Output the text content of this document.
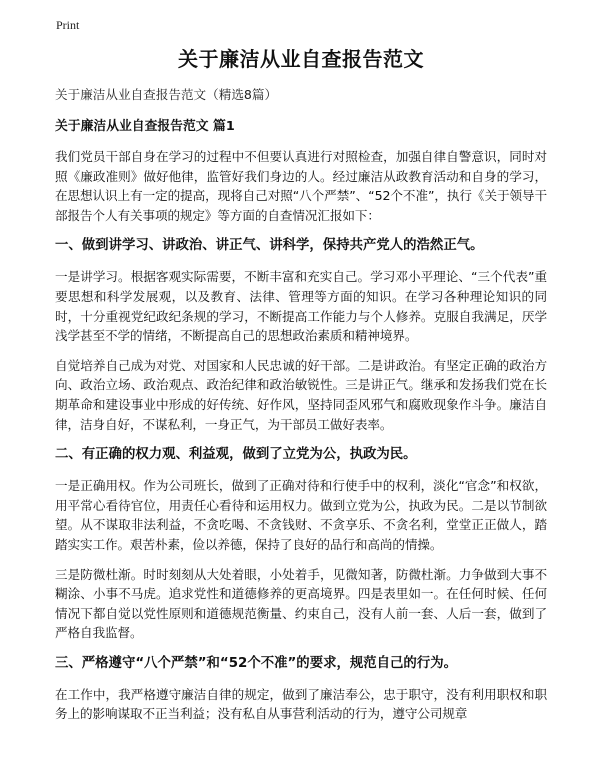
Print
关于廉洁从业自查报告范文

关于廉洁从业自查报告范文（精选8篇）

关于廉洁从业自查报告范文 篇1

我们党员干部自身在学习的过程中不但要认真进行对照检查，加强自律自警意识，同时对照《廉政准则》做好他律，监管好我们身边的人。经过廉洁从政教育活动和自身的学习，在思想认识上有一定的提高，现将自己对照“八个严禁”、“52个不准”，执行《关于领导干部报告个人有关事项的规定》等方面的自查情况汇报如下：

一、做到讲学习、讲政治、讲正气、讲科学，保持共产党人的浩然正气。

一是讲学习。根据客观实际需要，不断丰富和充实自己。学习邓小平理论、“三个代表”重要思想和科学发展观，以及教育、法律、管理等方面的知识。在学习各种理论知识的同时，十分重视党纪政纪条规的学习，不断提高工作能力与个人修养。克服自我满足，厌学浅学甚至不学的情绪，不断提高自己的思想政治素质和精神境界。

自觉培养自己成为对党、对国家和人民忠诚的好干部。二是讲政治。有坚定正确的政治方向、政治立场、政治观点、政治纪律和政治敏锐性。三是讲正气。继承和发扬我们党在长期革命和建设事业中形成的好传统、好作风，坚持同歪风邪气和腐败现象作斗争。廉洁自律，洁身自好，不谋私利，一身正气，为干部员工做好表率。

二、有正确的权力观、利益观，做到了立党为公，执政为民。

一是正确用权。作为公司班长，做到了正确对待和行使手中的权利，淡化“官念”和权欲，用平常心看待官位，用责任心看待和运用权力。做到立党为公，执政为民。二是以节制欲望。从不谋取非法利益，不贪吃喝、不贪钱财、不贪享乐、不贪名利，堂堂正正做人，踏踏实实工作。艰苦朴素，俭以养德，保持了良好的品行和高尚的情操。

三是防微杜渐。时时刻刻从大处着眼，小处着手，见微知著，防微杜渐。力争做到大事不糊涂、小事不马虎。追求党性和道德修养的更高境界。四是表里如一。在任何时候、任何情况下都自觉以党性原则和道德规范衡量、约束自己，没有人前一套、人后一套，做到了严格自我监督。

三、严格遵守“八个严禁”和“52个不准”的要求，规范自己的行为。

在工作中，我严格遵守廉洁自律的规定，做到了廉洁奉公，忠于职守，没有利用职权和职务上的影响谋取不正当利益；没有私自从事营利活动的行为，遵守公司规章
